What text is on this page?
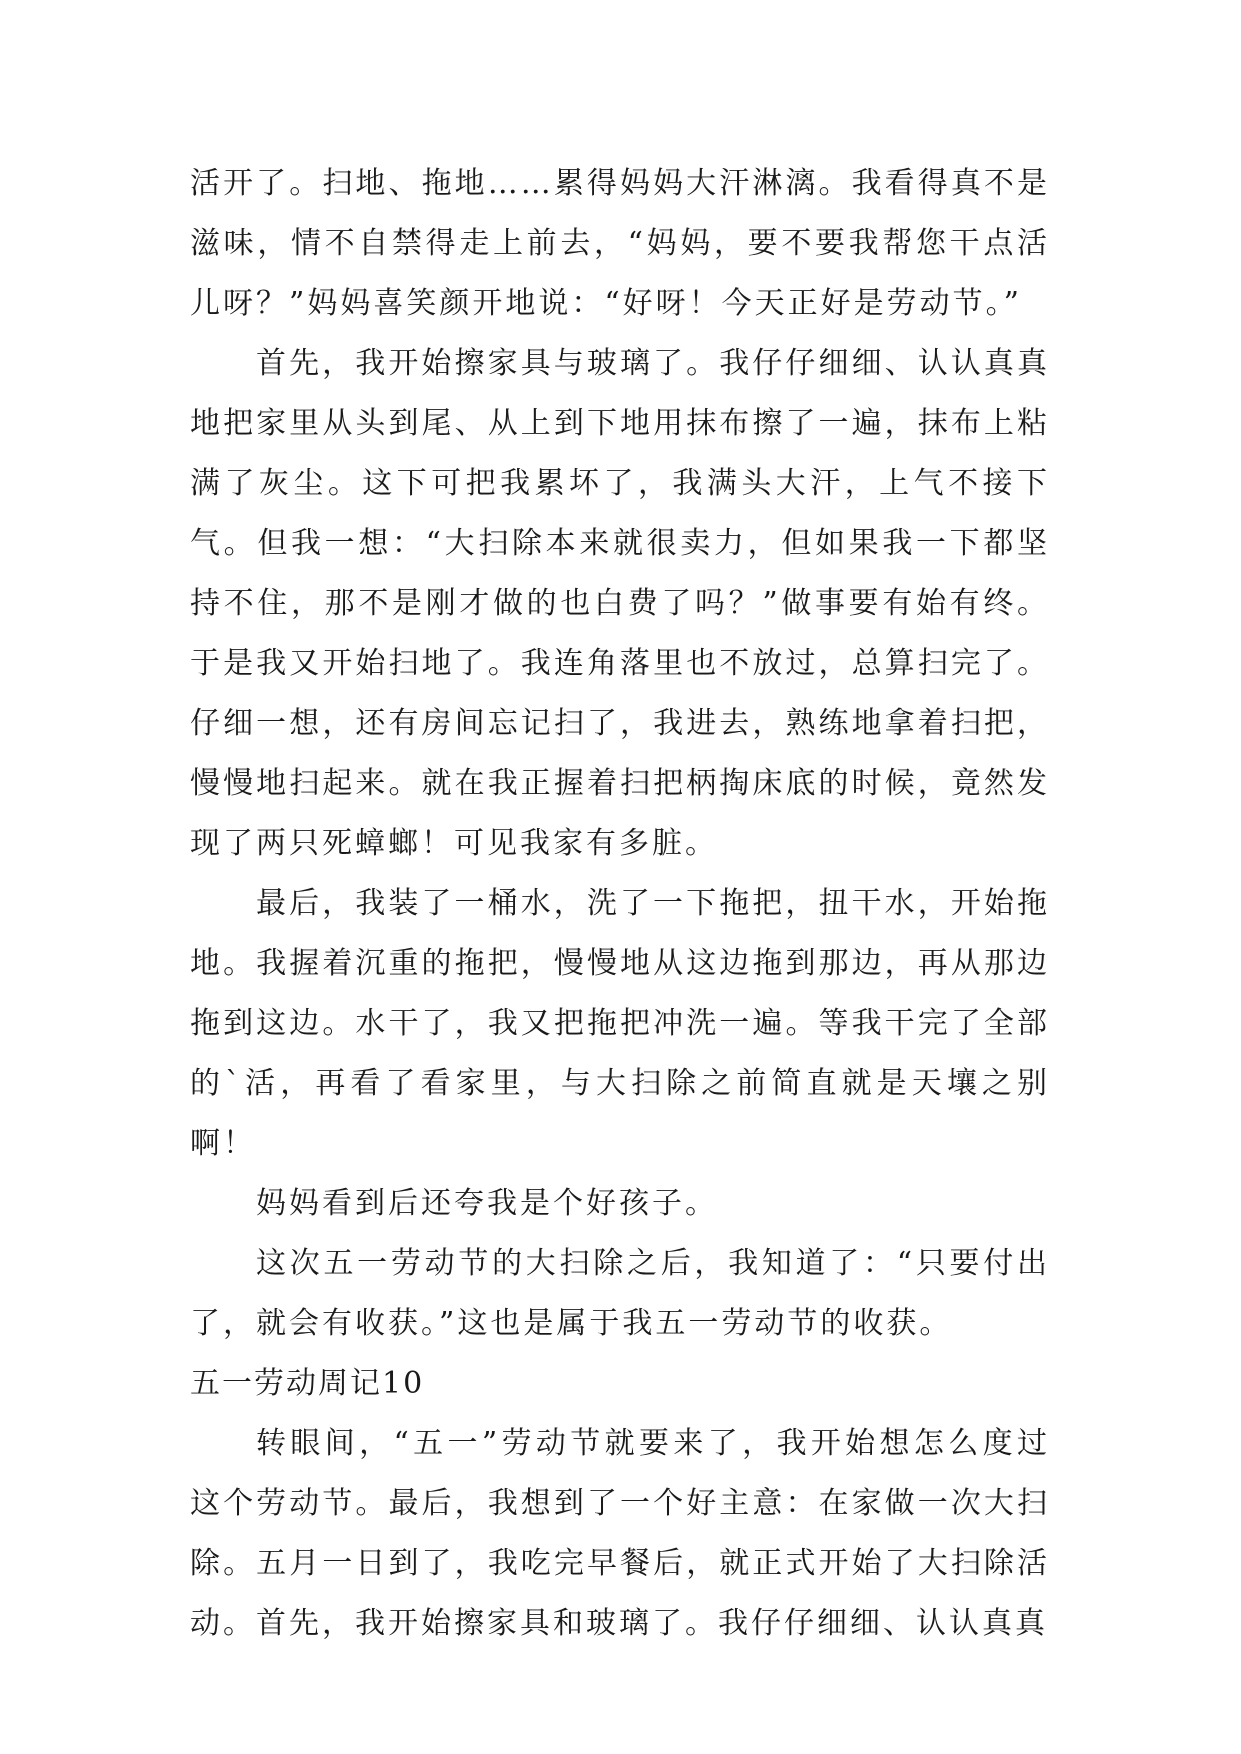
活开了。扫地、拖地……累得妈妈大汗淋漓。我看得真不是滋味，情不自禁得走上前去，“妈妈，要不要我帮您干点活儿呀？”妈妈喜笑颜开地说：“好呀！今天正好是劳动节。”

首先，我开始擦家具与玻璃了。我仔仔细细、认认真真地把家里从头到尾、从上到下地用抹布擦了一遍，抹布上粘满了灰尘。这下可把我累坏了，我满头大汗，上气不接下气。但我一想：“大扫除本来就很卖力，但如果我一下都坚持不住，那不是刚才做的也白费了吗？”做事要有始有终。于是我又开始扫地了。我连角落里也不放过，总算扫完了。仔细一想，还有房间忘记扫了，我进去，熟练地拿着扫把，慢慢地扫起来。就在我正握着扫把柄掏床底的时候，竟然发现了两只死蟑螂！可见我家有多脏。

最后，我装了一桶水，洗了一下拖把，扭干水，开始拖地。我握着沉重的拖把，慢慢地从这边拖到那边，再从那边拖到这边。水干了，我又把拖把冲洗一遍。等我干完了全部的`活，再看了看家里，与大扫除之前简直就是天壤之别啊！

妈妈看到后还夸我是个好孩子。

这次五一劳动节的大扫除之后，我知道了：“只要付出了，就会有收获。”这也是属于我五一劳动节的收获。

五一劳动周记10

转眼间，“五一”劳动节就要来了，我开始想怎么度过这个劳动节。最后，我想到了一个好主意：在家做一次大扫除。五月一日到了，我吃完早餐后，就正式开始了大扫除活动。首先，我开始擦家具和玻璃了。我仔仔细细、认认真真
